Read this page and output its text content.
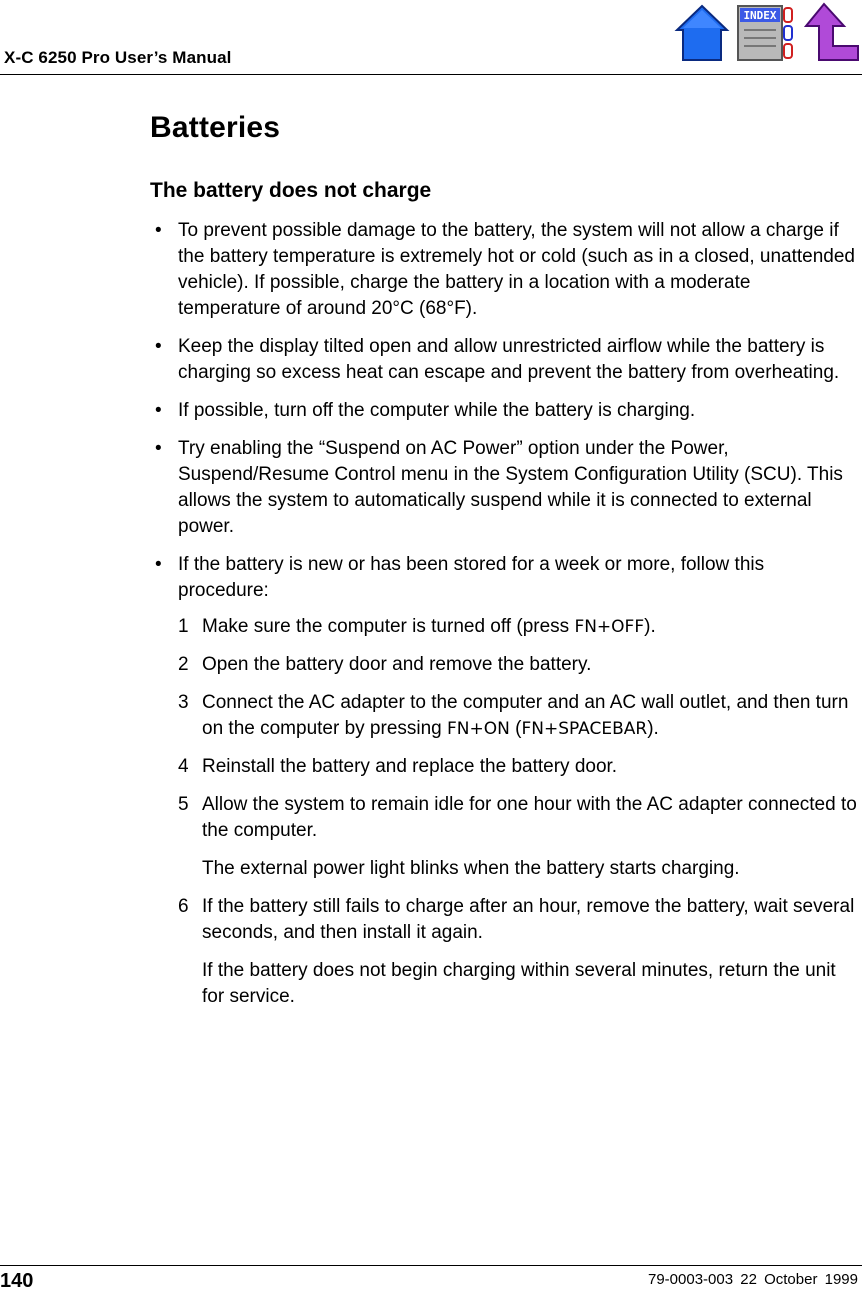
X-C 6250 Pro User’s Manual
INDEX
Batteries
The battery does not charge
• To prevent possible damage to the battery, the system will not allow a charge if the battery temperature is extremely hot or cold (such as in a closed, unattended vehicle). If possible, charge the battery in a location with a moderate temperature of around 20°C (68°F).
• Keep the display tilted open and allow unrestricted airflow while the battery is charging so excess heat can escape and prevent the battery from overheating.
• If possible, turn off the computer while the battery is charging.
• Try enabling the “Suspend on AC Power” option under the Power, Suspend/Resume Control menu in the System Configuration Utility (SCU). This allows the system to automatically suspend while it is connected to external power.
• If the battery is new or has been stored for a week or more, follow this procedure:
1 Make sure the computer is turned off (press FN+OFF).
2 Open the battery door and remove the battery.
3 Connect the AC adapter to the computer and an AC wall outlet, and then turn on the computer by pressing FN+ON (FN+SPACEBAR).
4 Reinstall the battery and replace the battery door.
5 Allow the system to remain idle for one hour with the AC adapter connected to the computer.
The external power light blinks when the battery starts charging.
6 If the battery still fails to charge after an hour, remove the battery, wait several seconds, and then install it again.
If the battery does not begin charging within several minutes, return the unit for service.
140	79-0003-003 22 October 1999
